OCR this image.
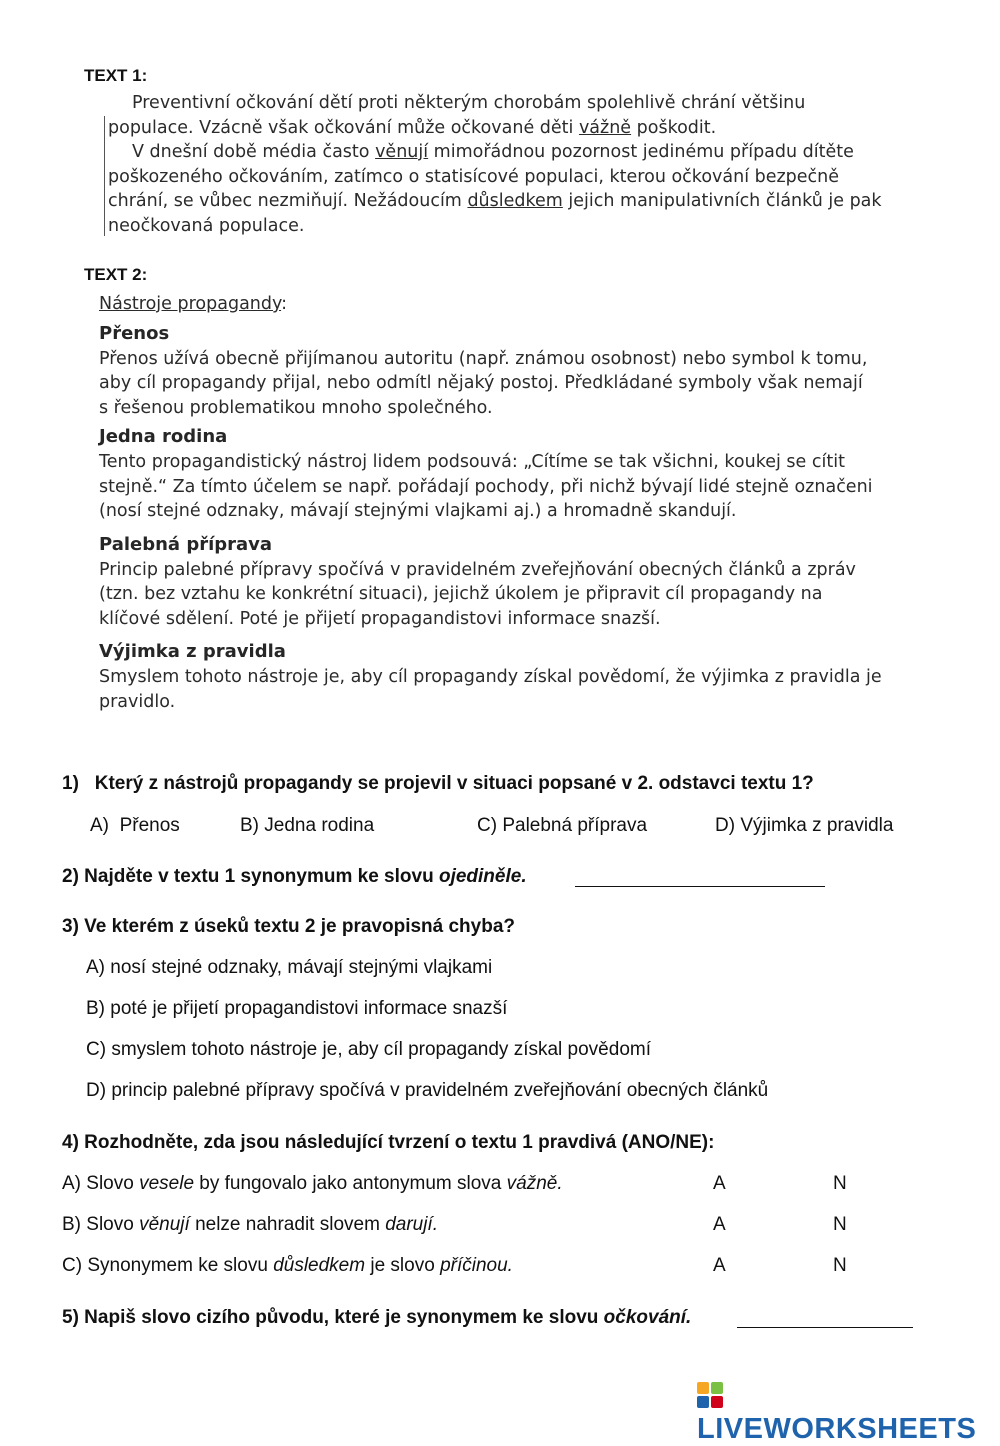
TEXT 1:
Preventivní očkování dětí proti některým chorobám spolehlivě chrání většinu
populace. Vzácně však očkování může očkované děti vážně poškodit.
V dnešní době média často věnují mimořádnou pozornost jedinému případu dítěte
poškozeného očkováním, zatímco o statisícové populaci, kterou očkování bezpečně
chrání, se vůbec nezmiňují. Nežádoucím důsledkem jejich manipulativních článků je pak
neočkovaná populace.
TEXT 2:
Nástroje propagandy:
Přenos
Přenos užívá obecně přijímanou autoritu (např. známou osobnost) nebo symbol k tomu,
aby cíl propagandy přijal, nebo odmítl nějaký postoj. Předkládané symboly však nemají
s řešenou problematikou mnoho společného.
Jedna rodina
Tento propagandistický nástroj lidem podsouvá: „Cítíme se tak všichni, koukej se cítit
stejně.“ Za tímto účelem se např. pořádají pochody, při nichž bývají lidé stejně označeni
(nosí stejné odznaky, mávají stejnými vlajkami aj.) a hromadně skandují.
Palebná příprava
Princip palebné přípravy spočívá v pravidelném zveřejňování obecných článků a zpráv
(tzn. bez vztahu ke konkrétní situaci), jejichž úkolem je připravit cíl propagandy na
klíčové sdělení. Poté je přijetí propagandistovi informace snazší.
Výjimka z pravidla
Smyslem tohoto nástroje je, aby cíl propagandy získal povědomí, že výjimka z pravidla je
pravidlo.
1) Který z nástrojů propagandy se projevil v situaci popsané v 2. odstavci textu 1?
A) Přenos	B) Jedna rodina	C) Palebná příprava	D) Výjimka z pravidla
2) Najděte v textu 1 synonymum ke slovu ojediněle.
3) Ve kterém z úseků textu 2 je pravopisná chyba?
A) nosí stejné odznaky, mávají stejnými vlajkami
B) poté je přijetí propagandistovi informace snazší
C) smyslem tohoto nástroje je, aby cíl propagandy získal povědomí
D) princip palebné přípravy spočívá v pravidelném zveřejňování obecných článků
4) Rozhodněte, zda jsou následující tvrzení o textu 1 pravdivá (ANO/NE):
A) Slovo vesele by fungovalo jako antonymum slova vážně.	A	N
B) Slovo věnují nelze nahradit slovem darují.	A	N
C) Synonymem ke slovu důsledkem je slovo příčinou.	A	N
5) Napiš slovo cizího původu, které je synonymem ke slovu očkování.
LIVEWORKSHEETS
